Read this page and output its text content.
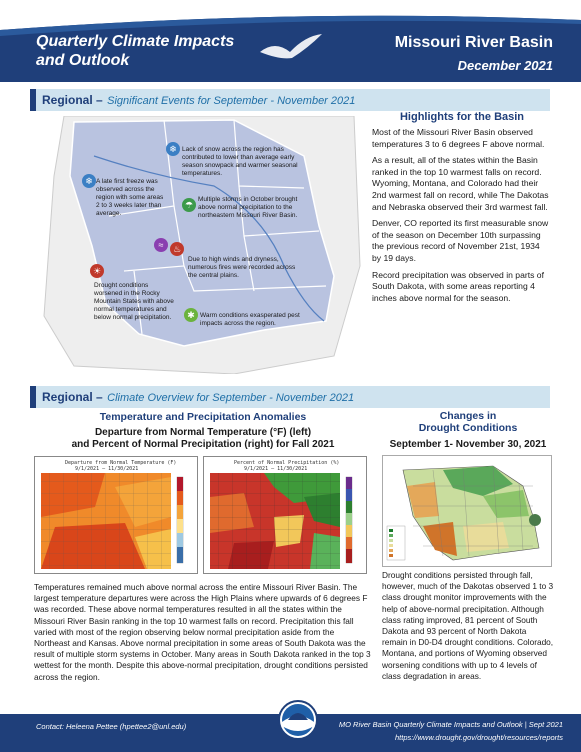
Quarterly Climate Impacts
and Outlook
Missouri River Basin
December 2021
Regional – Significant Events for September - November 2021
❄ A late first freeze was observed across the region with some areas 2 to 3 weeks later than average.
❄ Lack of snow across the region has contributed to lower than average early season snowpack and warmer seasonal temperatures.
☂ Multiple storms in October brought above normal precipitation to the northeastern Missouri River Basin.
≈	♨
Due to high winds and dryness, numerous fires were recorded across the central plains.
☀
Drought conditions worsened in the Rocky Mountain States with above normal temperatures and below normal precipitation.	✱ Warm conditions exasperated pest impacts across the region.
Highlights for the Basin

Most of the Missouri River Basin observed temperatures 3 to 6 degrees F above normal.

As a result, all of the states within the Basin ranked in the top 10 warmest falls on record. Wyoming, Montana, and Colorado had their 2nd warmest fall on record, while The Dakotas and Nebraska observed their 3rd warmest fall.

Denver, CO reported its first measurable snow of the season on December 10th surpassing the previous record of November 21st, 1934 by 19 days.

Record precipitation was observed in parts of South Dakota, with some areas reporting 4 inches above normal for the season.

Regional – Climate Overview for September - November 2021
Temperature and Precipitation Anomalies
Departure from Normal Temperature (°F) (left)
and Percent of Normal Precipitation (right) for Fall 2021
Departure from Normal Temperature (F)
9/1/2021 – 11/30/2021
Percent of Normal Precipitation (%)
9/1/2021 – 11/30/2021
Changes in
Drought Conditions
September 1- November 30, 2021
Temperatures remained much above normal across the entire Missouri River Basin. The largest temperature departures were across the High Plains where upwards of 6 degrees F was recorded. These above normal temperatures resulted in all the states within the Missouri River Basin ranking in the top 10 warmest falls on record. Precipitation this fall varied with most of the region observing below normal precipitation aside from the Northeast and Kansas. Above normal precipitation in some areas of South Dakota was the result of multiple storm systems in October. Many areas in South Dakota ranked in the top 3 wettest for the month. Despite this above-normal precipitation, drought conditions persisted across the region.
Drought conditions persisted through fall, however, much of the Dakotas observed 1 to 3 class drought monitor improvements with the help of above-normal precipitation. Although class rating improved, 81 percent of South Dakota and 93 percent of North Dakota remain in D0-D4 drought conditions. Colorado, Montana, and portions of Wyoming observed worsening conditions with up to 4 levels of class degradation in areas.
Contact: Heleena Pettee (hpettee2@unl.edu)	MO River Basin Quarterly Climate Impacts and Outlook | Sept 2021
https://www.drought.gov/drought/resources/reports
